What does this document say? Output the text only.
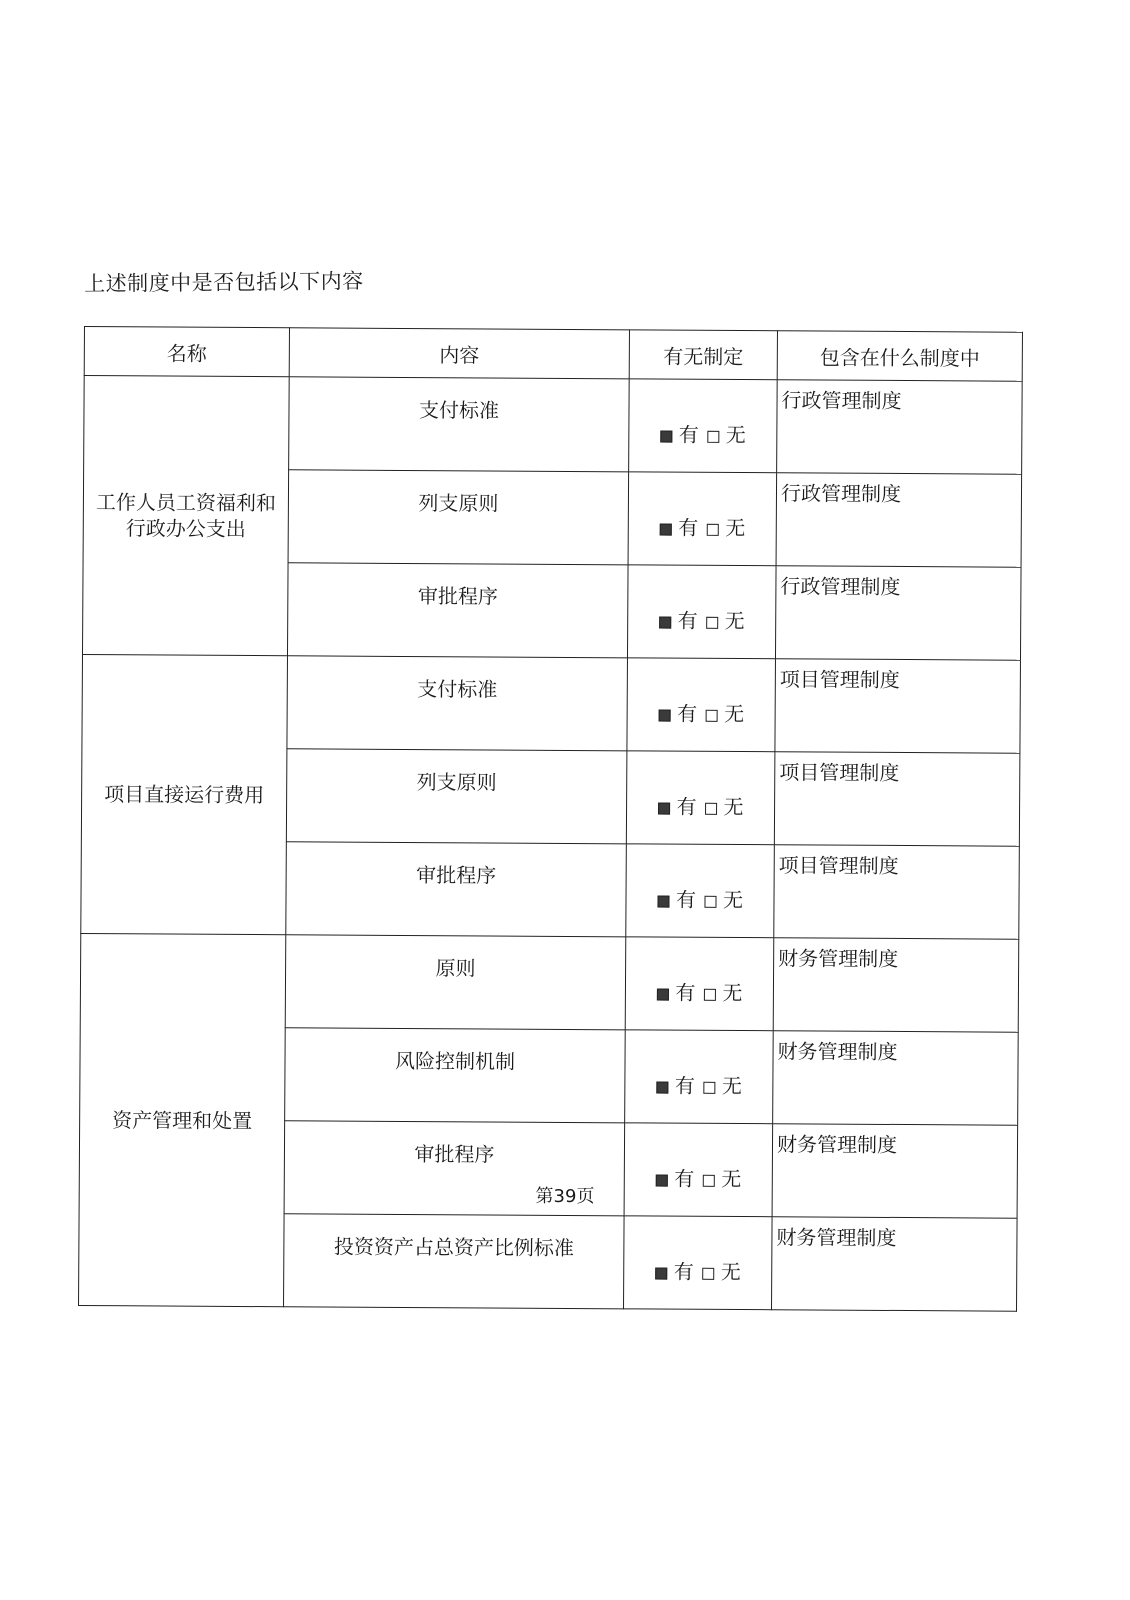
上述制度中是否包括以下内容
名称	内容	有无制定	包含在什么制度中
工作人员工资福利和行政办公支出	支付标准	有 无	行政管理制度
	列支原则	有 无	行政管理制度
	审批程序	有 无	行政管理制度
项目直接运行费用	支付标准	有 无	项目管理制度
	列支原则	有 无	项目管理制度
	审批程序	有 无	项目管理制度
资产管理和处置	原则	有 无	财务管理制度
	风险控制机制	有 无	财务管理制度
	审批程序	有 无	财务管理制度
	投资资产占总资产比例标准	有 无	财务管理制度
第39页
